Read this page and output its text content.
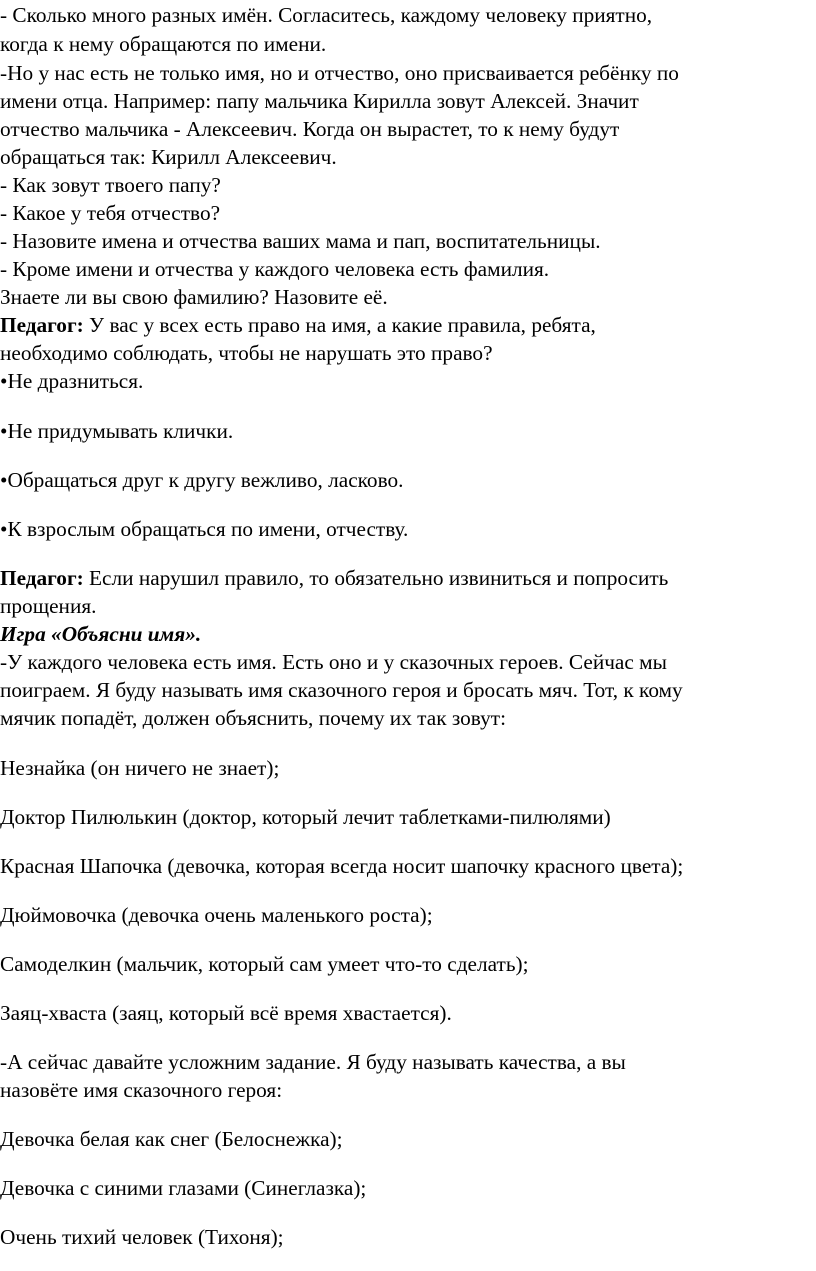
- Сколько много разных имён. Согласитесь, каждому человеку приятно,
когда к нему обращаются по имени.
-Но у нас есть не только имя, но и отчество, оно присваивается ребёнку по
имени отца. Например: папу мальчика Кирилла зовут Алексей. Значит
отчество мальчика - Алексеевич. Когда он вырастет, то к нему будут
обращаться так: Кирилл Алексеевич.
- Как зовут твоего папу?
- Какое у тебя отчество?
- Назовите имена и отчества ваших мама и пап, воспитательницы.
- Кроме имени и отчества у каждого человека есть фамилия.
Знаете ли вы свою фамилию? Назовите её.
Педагог: У вас у всех есть право на имя, а какие правила, ребята,
необходимо соблюдать, чтобы не нарушать это право?
•Не дразниться.
•Не придумывать клички.
•Обращаться друг к другу вежливо, ласково.
•К взрослым обращаться по имени, отчеству.
Педагог: Если нарушил правило, то обязательно извиниться и попросить
прощения.
Игра «Объясни имя».
-У каждого человека есть имя. Есть оно и у сказочных героев. Сейчас мы
поиграем. Я буду называть имя сказочного героя и бросать мяч. Тот, к кому
мячик попадёт, должен объяснить, почему их так зовут:
Незнайка (он ничего не знает);
Доктор Пилюлькин (доктор, который лечит таблетками-пилюлями)
Красная Шапочка (девочка, которая всегда носит шапочку красного цвета);
Дюймовочка (девочка очень маленького роста);
Самоделкин (мальчик, который сам умеет что-то сделать);
Заяц-хваста (заяц, который всё время хвастается).
-А сейчас давайте усложним задание. Я буду называть качества, а вы
назовёте имя сказочного героя:
Девочка белая как снег (Белоснежка);
Девочка с синими глазами (Синеглазка);
Очень тихий человек (Тихоня);
